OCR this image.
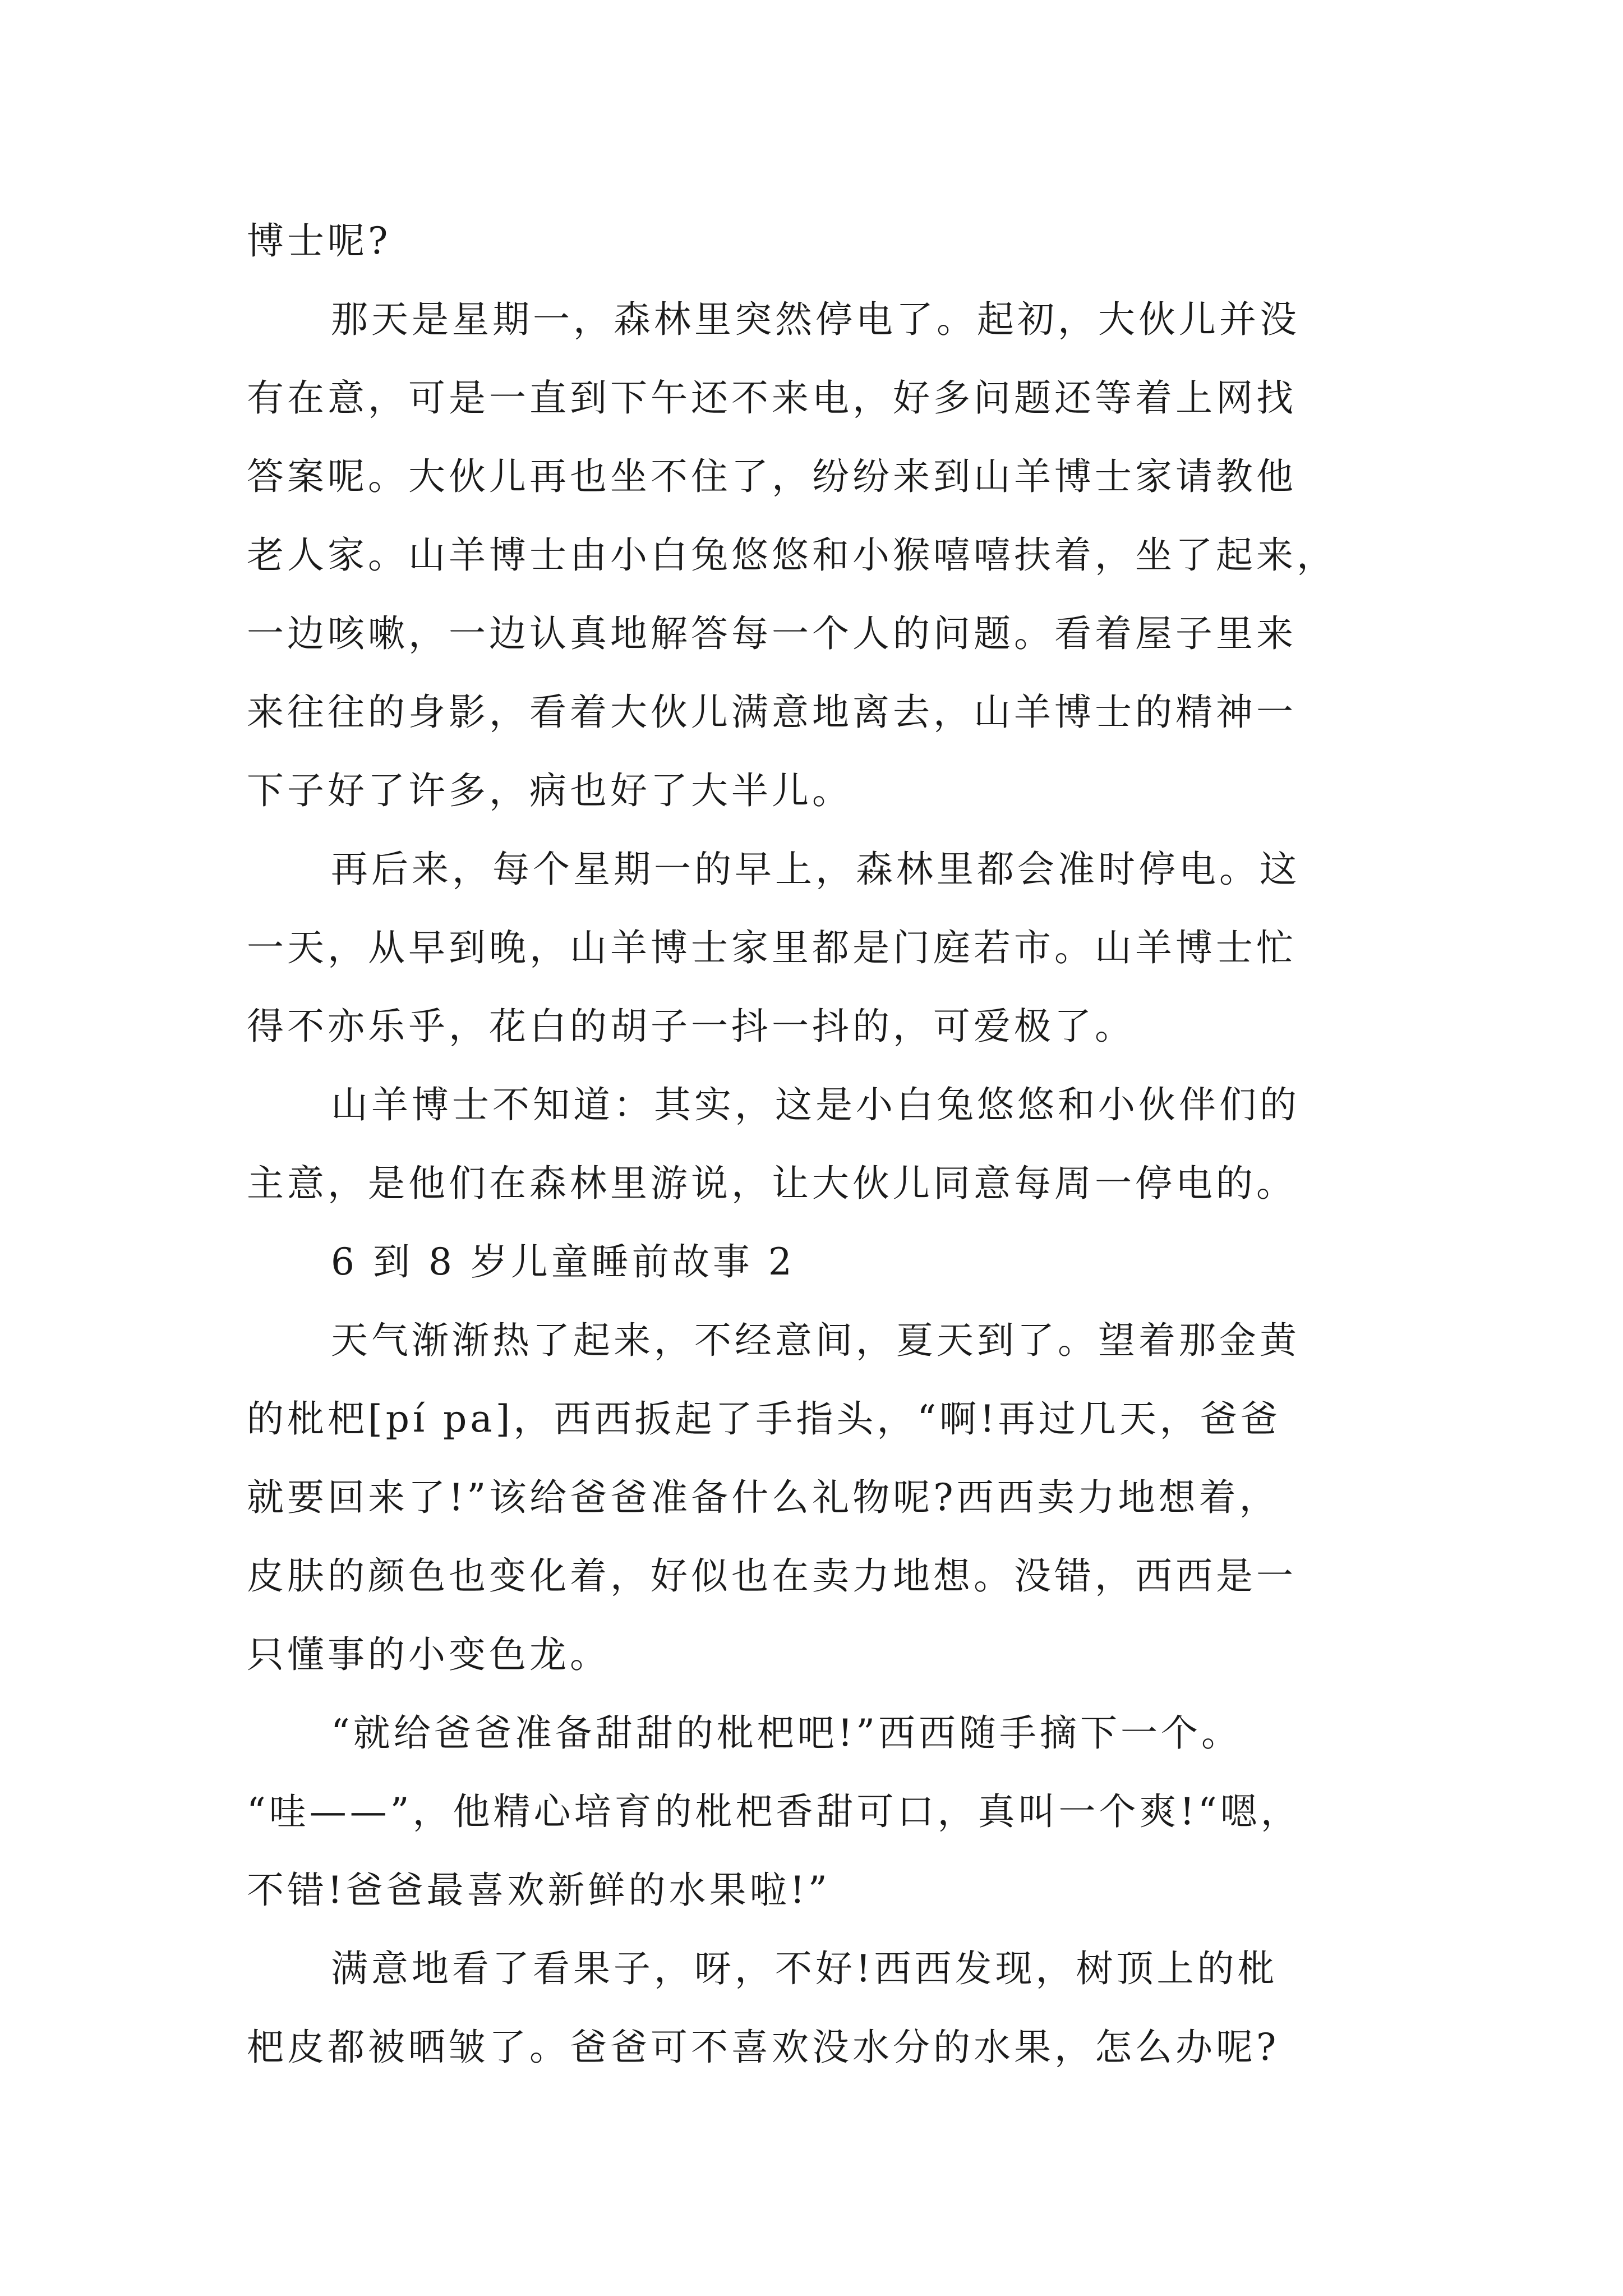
博士呢?
那天是星期一，森林里突然停电了。起初，大伙儿并没
有在意，可是一直到下午还不来电，好多问题还等着上网找
答案呢。大伙儿再也坐不住了，纷纷来到山羊博士家请教他
老人家。山羊博士由小白兔悠悠和小猴嘻嘻扶着，坐了起来，
一边咳嗽，一边认真地解答每一个人的问题。看着屋子里来
来往往的身影，看着大伙儿满意地离去，山羊博士的精神一
下子好了许多，病也好了大半儿。
再后来，每个星期一的早上，森林里都会准时停电。这
一天，从早到晚，山羊博士家里都是门庭若市。山羊博士忙
得不亦乐乎，花白的胡子一抖一抖的，可爱极了。
山羊博士不知道：其实，这是小白兔悠悠和小伙伴们的
主意，是他们在森林里游说，让大伙儿同意每周一停电的。
6 到 8 岁儿童睡前故事 2
天气渐渐热了起来，不经意间，夏天到了。望着那金黄
的枇杷[pí pa]，西西扳起了手指头，“啊!再过几天，爸爸
就要回来了!”该给爸爸准备什么礼物呢?西西卖力地想着，
皮肤的颜色也变化着，好似也在卖力地想。没错，西西是一
只懂事的小变色龙。
“就给爸爸准备甜甜的枇杷吧!”西西随手摘下一个。
“哇——”，他精心培育的枇杷香甜可口，真叫一个爽!“嗯，
不错!爸爸最喜欢新鲜的水果啦!”
满意地看了看果子，呀，不好!西西发现，树顶上的枇
杷皮都被晒皱了。爸爸可不喜欢没水分的水果，怎么办呢?
